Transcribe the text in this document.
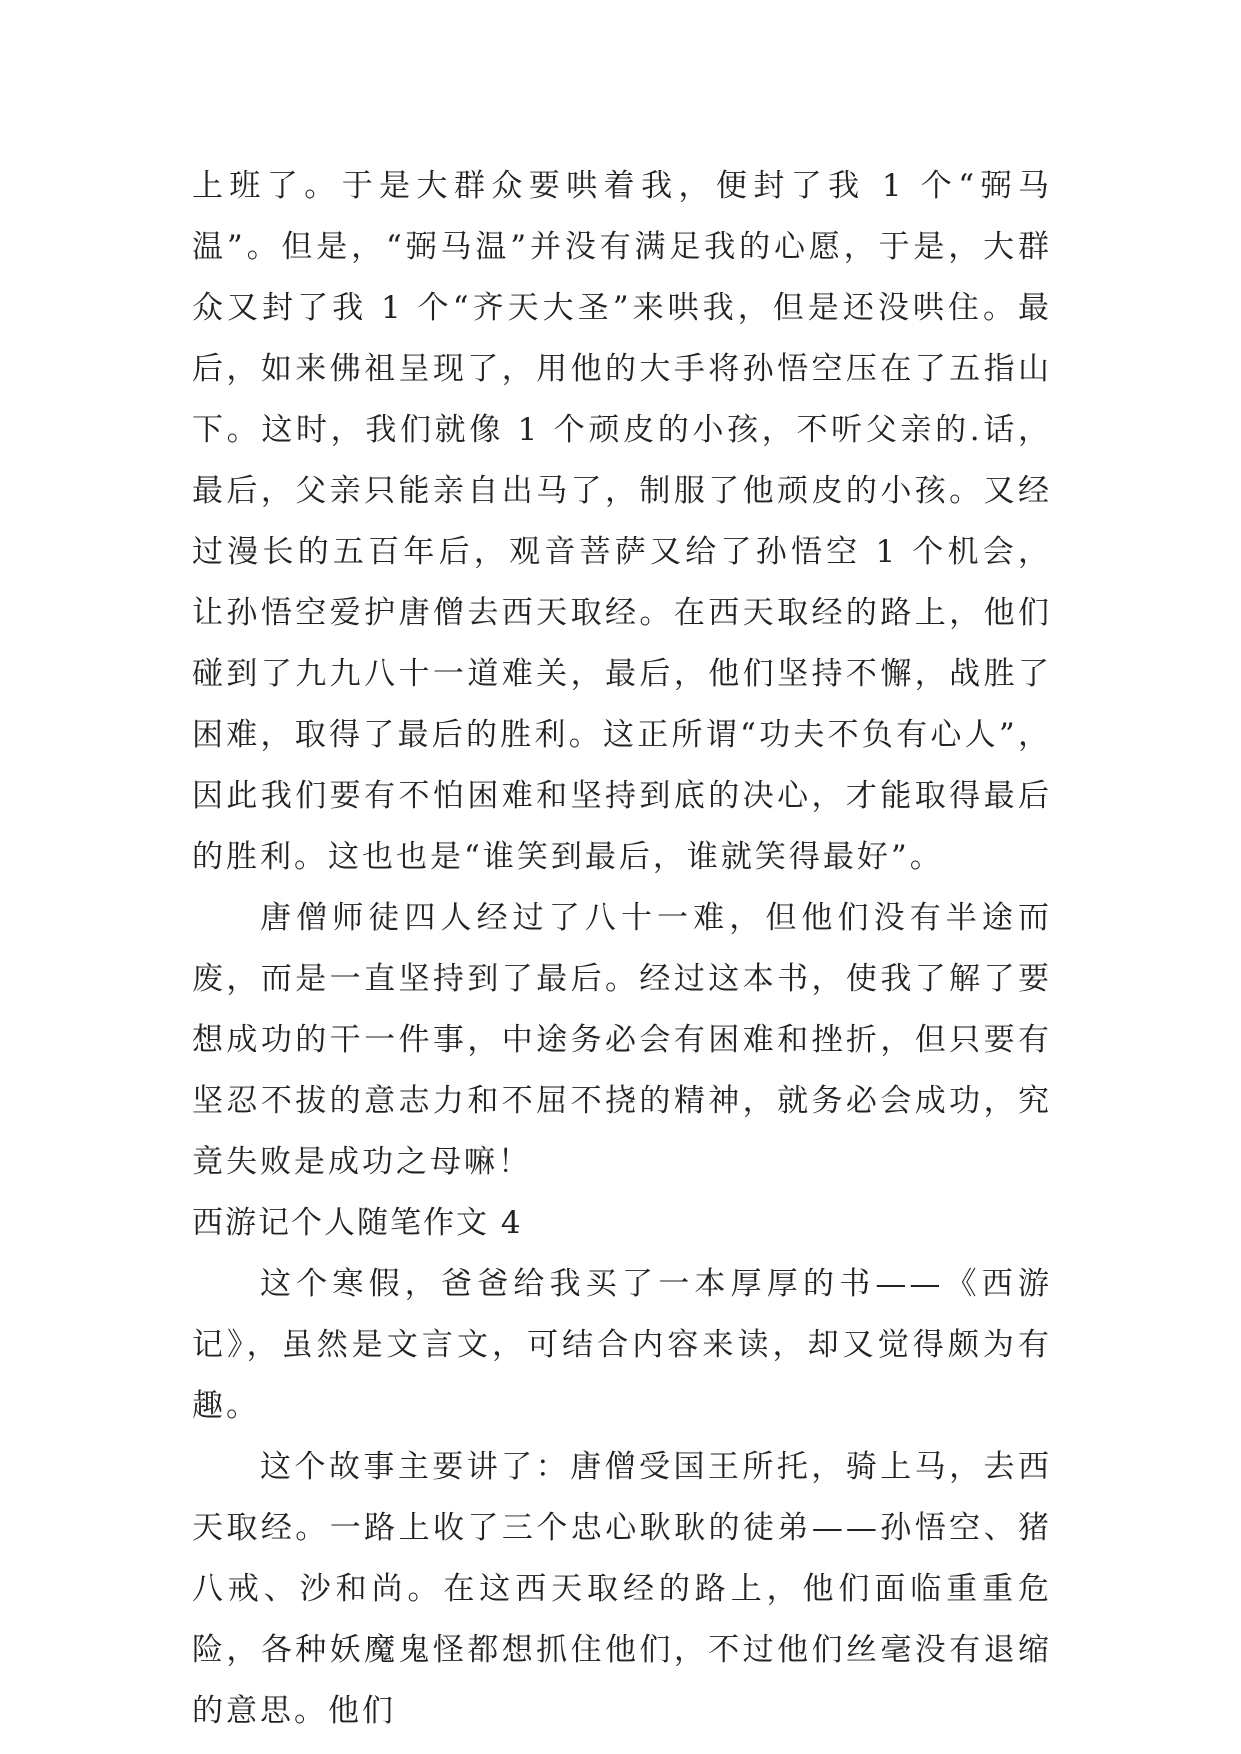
上班了。于是大群众要哄着我，便封了我 1 个“弼马温”。但是，“弼马温”并没有满足我的心愿，于是，大群众又封了我 1 个“齐天大圣”来哄我，但是还没哄住。最后，如来佛祖呈现了，用他的大手将孙悟空压在了五指山下。这时，我们就像 1 个顽皮的小孩，不听父亲的.话，最后，父亲只能亲自出马了，制服了他顽皮的小孩。又经过漫长的五百年后，观音菩萨又给了孙悟空 1 个机会，让孙悟空爱护唐僧去西天取经。在西天取经的路上，他们碰到了九九八十一道难关，最后，他们坚持不懈，战胜了困难，取得了最后的胜利。这正所谓“功夫不负有心人”，因此我们要有不怕困难和坚持到底的决心，才能取得最后的胜利。这也也是“谁笑到最后，谁就笑得最好”。

唐僧师徒四人经过了八十一难，但他们没有半途而废，而是一直坚持到了最后。经过这本书，使我了解了要想成功的干一件事，中途务必会有困难和挫折，但只要有坚忍不拔的意志力和不屈不挠的精神，就务必会成功，究竟失败是成功之母嘛！

西游记个人随笔作文 4

这个寒假，爸爸给我买了一本厚厚的书——《西游记》，虽然是文言文，可结合内容来读，却又觉得颇为有趣。

这个故事主要讲了：唐僧受国王所托，骑上马，去西天取经。一路上收了三个忠心耿耿的徒弟——孙悟空、猪八戒、沙和尚。在这西天取经的路上，他们面临重重危险，各种妖魔鬼怪都想抓住他们，不过他们丝毫没有退缩的意思。他们
